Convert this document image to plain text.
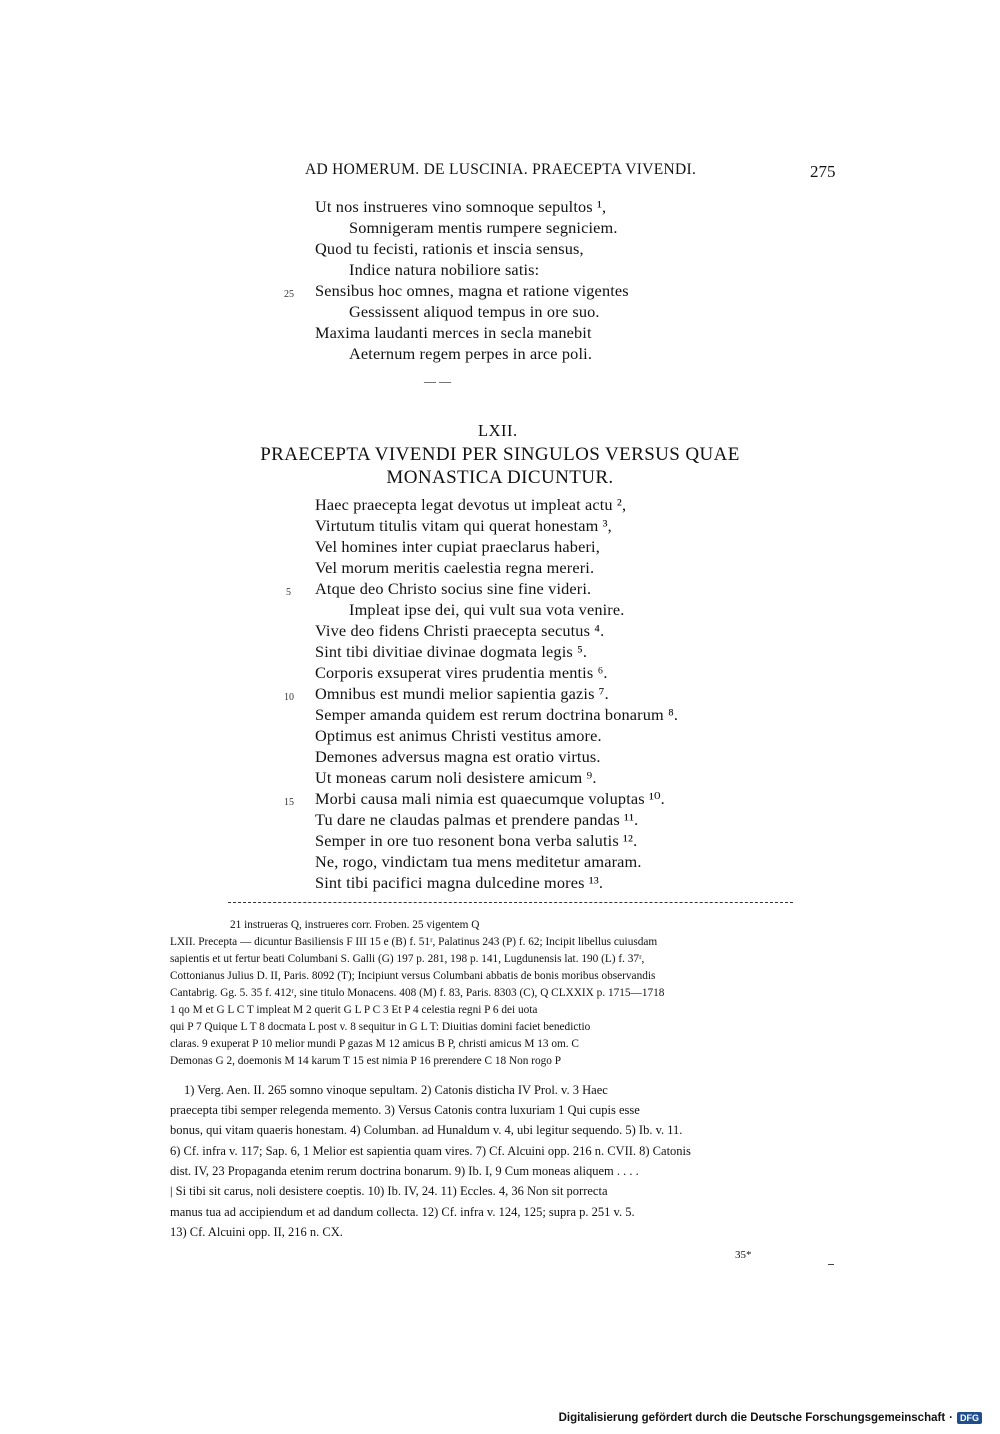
AD HOMERUM. DE LUSCINIA. PRAECEPTA VIVENDI.	275
25
Ut nos instrueres vino somnoque sepultos ¹,
Somnigeram mentis rumpere segniciem.
Quod tu fecisti, rationis et inscia sensus,
Indice natura nobiliore satis:
Sensibus hoc omnes, magna et ratione vigentes
Gessissent aliquod tempus in ore suo.
Maxima laudanti merces in secla manebit
Aeternum regem perpes in arce poli.
— —
LXII.
PRAECEPTA VIVENDI PER SINGULOS VERSUS QUAE
MONASTICA DICUNTUR.
Haec praecepta legat devotus ut impleat actu ²,
Virtutum titulis vitam qui querat honestam ³,
Vel homines inter cupiat praeclarus haberi,
Vel morum meritis caelestia regna mereri.
5 Atque deo Christo socius sine fine videri.
Impleat ipse dei, qui vult sua vota venire.
Vive deo fidens Christi praecepta secutus ⁴.
Sint tibi divitiae divinae dogmata legis ⁵.
Corporis exsuperat vires prudentia mentis ⁶.
10 Omnibus est mundi melior sapientia gazis ⁷.
Semper amanda quidem est rerum doctrina bonarum ⁸.
Optimus est animus Christi vestitus amore.
Demones adversus magna est oratio virtus.
Ut moneas carum noli desistere amicum ⁹.
15 Morbi causa mali nimia est quaecumque voluptas ¹⁰.
Tu dare ne claudas palmas et prendere pandas ¹¹.
Semper in ore tuo resonent bona verba salutis ¹².
Ne, rogo, vindictam tua mens meditetur amaram.
Sint tibi pacifici magna dulcedine mores ¹³.
21 instrueras Q, instrueres corr. Froben. 25 vigentem Q
LXII. Precepta — dicuntur Basiliensis F III 15 e (B) f. 51ʳ, Palatinus 243 (P) f. 62; Incipit libellus cuiusdam
sapientis et ut fertur beati Columbani S. Galli (G) 197 p. 281, 198 p. 141, Lugdunensis lat. 190 (L) f. 37ʳ,
Cottonianus Julius D. II, Paris. 8092 (T); Incipiunt versus Columbani abbatis de bonis moribus observandis
Cantabrig. Gg. 5. 35 f. 412ʳ, sine titulo Monacens. 408 (M) f. 83, Paris. 8303 (C), Q CLXXIX p. 1715—1718
1 qo M et G L C T impleat M 2 querit G L P C 3 Et P 4 celestia regni P 6 dei uota
qui P 7 Quique L T 8 docmata L post v. 8 sequitur in G L T: Diuitias domini faciet benedictio
claras. 9 exuperat P 10 melior mundi P gazas M 12 amicus B P, christi amicus M 13 om. C
Demonas G 2, doemonis M 14 karum T 15 est nimia P 16 prerendere C 18 Non rogo P
1) Verg. Aen. II. 265 somno vinoque sepultam. 2) Catonis disticha IV Prol. v. 3 Haec
praecepta tibi semper relegenda memento. 3) Versus Catonis contra luxuriam 1 Qui cupis esse
bonus, qui vitam quaeris honestam. 4) Columban. ad Hunaldum v. 4, ubi legitur sequendo. 5) Ib. v. 11.
6) Cf. infra v. 117; Sap. 6, 1 Melior est sapientia quam vires. 7) Cf. Alcuini opp. 216 n. CVII. 8) Catonis
dist. IV, 23 Propaganda etenim rerum doctrina bonarum. 9) Ib. I, 9 Cum moneas aliquem . . . .
| Si tibi sit carus, noli desistere coeptis. 10) Ib. IV, 24. 11) Eccles. 4, 36 Non sit porrecta
manus tua ad accipiendum et ad dandum collecta. 12) Cf. infra v. 124, 125; supra p. 251 v. 5.
13) Cf. Alcuini opp. II, 216 n. CX.
35*
Digitalisierung gefördert durch die Deutsche Forschungsgemeinschaft · DFG
